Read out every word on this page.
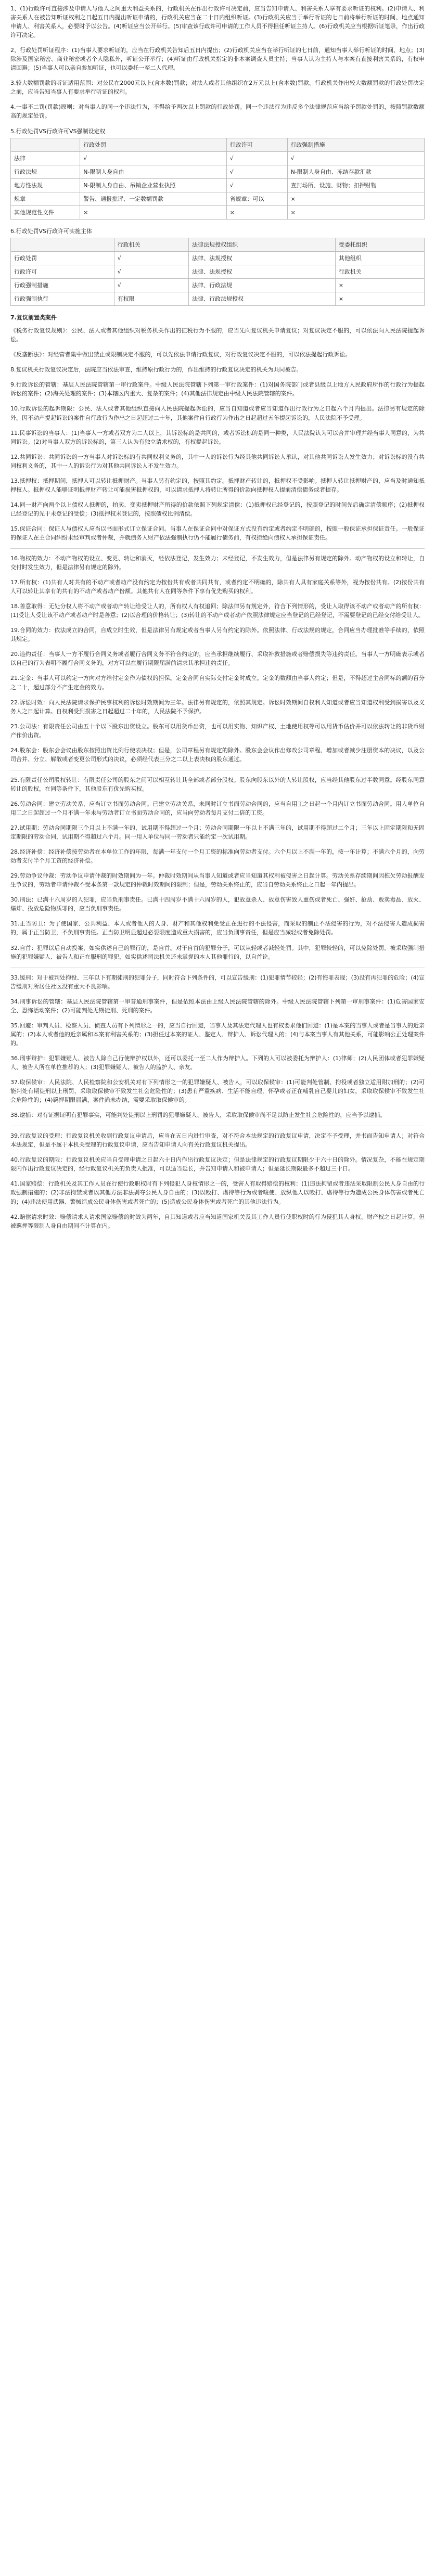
1、(1)行政许可直接涉及申请人与他人之间重大利益关系的，行政机关在作出行政许可决定前，应当告知申请人、利害关系人享有要求听证的权利。(2)申请人、利害关系人在被告知听证权利之日起五日内提出听证申请的，行政机关应当在二十日内组织听证。(3)行政机关应当于举行听证的七日前将举行听证的时间、地点通知申请人、利害关系人，必要时予以公告。(4)听证应当公开举行。(5)审查该行政许可申请的工作人员不得担任听证主持人。(6)行政机关应当根据听证笔录，作出行政许可决定。

2、行政处罚听证程序：(1)当事人要求听证的，应当在行政机关告知后五日内提出；(2)行政机关应当在举行听证的七日前，通知当事人举行听证的时间、地点；(3)除涉及国家秘密、商业秘密或者个人隐私外，听证公开举行；(4)听证由行政机关指定的非本案调查人员主持；当事人认为主持人与本案有直接利害关系的，有权申请回避；(5)当事人可以亲自参加听证，也可以委托一至二人代理。

3.较大数额罚款的听证适用范围：对公民在2000元以上(含本数)罚款；对法人或者其他组织在2万元以上(含本数)罚款。行政机关作出较大数额罚款的行政处罚决定之前，应当告知当事人有要求举行听证的权利。

4.一事不二罚(罚款)原则：对当事人的同一个违法行为，不得给予两次以上罚款的行政处罚。同一个违法行为违反多个法律规范应当给予罚款处罚的，按照罚款数额高的规定处罚。

5.行政处罚VS行政许可VS强制设定权
	行政处罚	行政许可	行政强制措施
法律	√	√	√
行政法规	N-限制人身自由	√	N-限制人身自由、冻结存款汇款
地方性法规	N-限制人身自由、吊销企业营业执照	√	查封场所、设施、财物；扣押财物
规章	警告、通报批评、一定数额罚款	省规章：可以	×
其他规范性文件	×	×	×
6.行政处罚VS行政许可实施主体
	行政机关	法律法规授权组织	受委托组织
行政处罚	√	法律、法规授权	其他组织
行政许可	√	法律、法规授权	行政机关
行政强制措施	√	法律、行政法规	×
行政强制执行	有权限	法律、行政法规授权	×
7.复议前置类案件

《税务行政复议规则》：公民、法人或者其他组织对税务机关作出的征税行为不服的，应当先向复议机关申请复议；对复议决定不服的，可以依法向人民法院提起诉讼。

《反垄断法》：对经营者集中做出禁止或限制决定不服的，可以先依法申请行政复议，对行政复议决定不服的，可以依法提起行政诉讼。

8.复议机关行政复议决定后，法院应当依法审查，维持原行政行为的，作出维持的行政复议决定的机关为共同被告。

9.行政诉讼的管辖：基层人民法院管辖第一审行政案件。中级人民法院管辖下列第一审行政案件：(1)对国务院部门或者县级以上地方人民政府所作的行政行为提起诉讼的案件；(2)海关处理的案件；(3)本辖区内重大、复杂的案件；(4)其他法律规定由中级人民法院管辖的案件。

10.行政诉讼的起诉期限：公民、法人或者其他组织直接向人民法院提起诉讼的，应当自知道或者应当知道作出行政行为之日起六个月内提出。法律另有规定的除外。因不动产提起诉讼的案件自行政行为作出之日起超过二十年，其他案件自行政行为作出之日起超过五年提起诉讼的，人民法院不予受理。

11.民事诉讼的当事人：(1)当事人一方或者双方为二人以上，其诉讼标的是共同的，或者诉讼标的是同一种类，人民法院认为可以合并审理并经当事人同意的，为共同诉讼。(2)对当事人双方的诉讼标的，第三人认为有独立请求权的，有权提起诉讼。

12.共同诉讼：共同诉讼的一方当事人对诉讼标的有共同权利义务的，其中一人的诉讼行为经其他共同诉讼人承认，对其他共同诉讼人发生效力；对诉讼标的没有共同权利义务的，其中一人的诉讼行为对其他共同诉讼人不发生效力。

13.抵押权：抵押期间，抵押人可以转让抵押财产。当事人另有约定的，按照其约定。抵押财产转让的，抵押权不受影响。抵押人转让抵押财产的，应当及时通知抵押权人。抵押权人能够证明抵押财产转让可能损害抵押权的，可以请求抵押人将转让所得的价款向抵押权人提前清偿债务或者提存。

14.同一财产向两个以上债权人抵押的，拍卖、变卖抵押财产所得的价款依照下列规定清偿：(1)抵押权已经登记的，按照登记的时间先后确定清偿顺序；(2)抵押权已经登记的先于未登记的受偿；(3)抵押权未登记的，按照债权比例清偿。

15.保证合同：保证人与债权人应当以书面形式订立保证合同。当事人在保证合同中对保证方式没有约定或者约定不明确的，按照一般保证承担保证责任。一般保证的保证人在主合同纠纷未经审判或者仲裁，并就债务人财产依法强制执行仍不能履行债务前，有权拒绝向债权人承担保证责任。

16.物权的效力：不动产物权的设立、变更、转让和消灭，经依法登记，发生效力；未经登记，不发生效力，但是法律另有规定的除外。动产物权的设立和转让，自交付时发生效力，但是法律另有规定的除外。

17.所有权：(1)共有人对共有的不动产或者动产没有约定为按份共有或者共同共有，或者约定不明确的，除共有人具有家庭关系等外，视为按份共有。(2)按份共有人可以转让其享有的共有的不动产或者动产份额。其他共有人在同等条件下享有优先购买的权利。

18.善意取得：无处分权人将不动产或者动产转让给受让人的，所有权人有权追回；除法律另有规定外，符合下列情形的，受让人取得该不动产或者动产的所有权：(1)受让人受让该不动产或者动产时是善意；(2)以合理的价格转让；(3)转让的不动产或者动产依照法律规定应当登记的已经登记，不需要登记的已经交付给受让人。

19.合同的效力：依法成立的合同，自成立时生效，但是法律另有规定或者当事人另有约定的除外。依照法律、行政法规的规定，合同应当办理批准等手续的，依照其规定。

20.违约责任：当事人一方不履行合同义务或者履行合同义务不符合约定的，应当承担继续履行、采取补救措施或者赔偿损失等违约责任。当事人一方明确表示或者以自己的行为表明不履行合同义务的，对方可以在履行期限届满前请求其承担违约责任。

21.定金：当事人可以约定一方向对方给付定金作为债权的担保。定金合同自实际交付定金时成立。定金的数额由当事人约定；但是，不得超过主合同标的额的百分之二十，超过部分不产生定金的效力。

22.诉讼时效：向人民法院请求保护民事权利的诉讼时效期间为三年。法律另有规定的，依照其规定。诉讼时效期间自权利人知道或者应当知道权利受到损害以及义务人之日起计算。自权利受到损害之日起超过二十年的，人民法院不予保护。

23.公司法：有限责任公司由五十个以下股东出资设立。股东可以用货币出资，也可以用实物、知识产权、土地使用权等可以用货币估价并可以依法转让的非货币财产作价出资。

24.股东会：股东会会议由股东按照出资比例行使表决权；但是，公司章程另有规定的除外。股东会会议作出修改公司章程、增加或者减少注册资本的决议，以及公司合并、分立、解散或者变更公司形式的决议，必须经代表三分之二以上表决权的股东通过。

25.有限责任公司股权转让：有限责任公司的股东之间可以相互转让其全部或者部分股权。股东向股东以外的人转让股权，应当经其他股东过半数同意。经股东同意转让的股权，在同等条件下，其他股东有优先购买权。

26.劳动合同：建立劳动关系，应当订立书面劳动合同。已建立劳动关系，未同时订立书面劳动合同的，应当自用工之日起一个月内订立书面劳动合同。用人单位自用工之日起超过一个月不满一年未与劳动者订立书面劳动合同的，应当向劳动者每月支付二倍的工资。

27.试用期：劳动合同期限三个月以上不满一年的，试用期不得超过一个月；劳动合同期限一年以上不满三年的，试用期不得超过二个月；三年以上固定期限和无固定期限的劳动合同，试用期不得超过六个月。同一用人单位与同一劳动者只能约定一次试用期。

28.经济补偿：经济补偿按劳动者在本单位工作的年限，每满一年支付一个月工资的标准向劳动者支付。六个月以上不满一年的，按一年计算；不满六个月的，向劳动者支付半个月工资的经济补偿。

29.劳动争议仲裁：劳动争议申请仲裁的时效期间为一年。仲裁时效期间从当事人知道或者应当知道其权利被侵害之日起计算。劳动关系存续期间因拖欠劳动报酬发生争议的，劳动者申请仲裁不受本条第一款规定的仲裁时效期间的限制；但是，劳动关系终止的，应当自劳动关系终止之日起一年内提出。

30.刑法：已满十六周岁的人犯罪，应当负刑事责任。已满十四周岁不满十六周岁的人，犯故意杀人、故意伤害致人重伤或者死亡、强奸、抢劫、贩卖毒品、放火、爆炸、投放危险物质罪的，应当负刑事责任。

31.正当防卫：为了使国家、公共利益、本人或者他人的人身、财产和其他权利免受正在进行的不法侵害，而采取的制止不法侵害的行为，对不法侵害人造成损害的，属于正当防卫，不负刑事责任。正当防卫明显超过必要限度造成重大损害的，应当负刑事责任，但是应当减轻或者免除处罚。

32.自首：犯罪以后自动投案，如实供述自己的罪行的，是自首。对于自首的犯罪分子，可以从轻或者减轻处罚。其中，犯罪较轻的，可以免除处罚。被采取强制措施的犯罪嫌疑人、被告人和正在服刑的罪犯，如实供述司法机关还未掌握的本人其他罪行的，以自首论。

33.缓刑：对于被判处拘役、三年以下有期徒刑的犯罪分子，同时符合下列条件的，可以宣告缓刑：(1)犯罪情节较轻；(2)有悔罪表现；(3)没有再犯罪的危险；(4)宣告缓刑对所居住社区没有重大不良影响。

34.刑事诉讼的管辖：基层人民法院管辖第一审普通刑事案件，但是依照本法由上级人民法院管辖的除外。中级人民法院管辖下列第一审刑事案件：(1)危害国家安全、恐怖活动案件；(2)可能判处无期徒刑、死刑的案件。

35.回避：审判人员、检察人员、侦查人员有下列情形之一的，应当自行回避，当事人及其法定代理人也有权要求他们回避：(1)是本案的当事人或者是当事人的近亲属的；(2)本人或者他的近亲属和本案有利害关系的；(3)担任过本案的证人、鉴定人、辩护人、诉讼代理人的；(4)与本案当事人有其他关系，可能影响公正处理案件的。

36.刑事辩护：犯罪嫌疑人、被告人除自己行使辩护权以外，还可以委托一至二人作为辩护人。下列的人可以被委托为辩护人：(1)律师；(2)人民团体或者犯罪嫌疑人、被告人所在单位推荐的人；(3)犯罪嫌疑人、被告人的监护人、亲友。

37.取保候审：人民法院、人民检察院和公安机关对有下列情形之一的犯罪嫌疑人、被告人，可以取保候审：(1)可能判处管制、拘役或者独立适用附加刑的；(2)可能判处有期徒刑以上刑罚，采取取保候审不致发生社会危险性的；(3)患有严重疾病、生活不能自理，怀孕或者正在哺乳自己婴儿的妇女，采取取保候审不致发生社会危险性的；(4)羁押期限届满，案件尚未办结，需要采取取保候审的。

38.逮捕：对有证据证明有犯罪事实，可能判处徒刑以上刑罚的犯罪嫌疑人、被告人，采取取保候审尚不足以防止发生社会危险性的，应当予以逮捕。

39.行政复议的受理：行政复议机关收到行政复议申请后，应当在五日内进行审查，对不符合本法规定的行政复议申请，决定不予受理，并书面告知申请人；对符合本法规定，但是不属于本机关受理的行政复议申请，应当告知申请人向有关行政复议机关提出。

40.行政复议的期限：行政复议机关应当自受理申请之日起六十日内作出行政复议决定；但是法律规定的行政复议期限少于六十日的除外。情况复杂，不能在规定期限内作出行政复议决定的，经行政复议机关的负责人批准，可以适当延长，并告知申请人和被申请人；但是延长期限最多不超过三十日。

41.国家赔偿：行政机关及其工作人员在行使行政职权时有下列侵犯人身权情形之一的，受害人有取得赔偿的权利：(1)违法拘留或者违法采取限制公民人身自由的行政强制措施的；(2)非法拘禁或者以其他方法非法剥夺公民人身自由的；(3)以殴打、虐待等行为或者唆使、放纵他人以殴打、虐待等行为造成公民身体伤害或者死亡的；(4)违法使用武器、警械造成公民身体伤害或者死亡的；(5)造成公民身体伤害或者死亡的其他违法行为。

42.赔偿请求时效：赔偿请求人请求国家赔偿的时效为两年，自其知道或者应当知道国家机关及其工作人员行使职权时的行为侵犯其人身权、财产权之日起计算，但被羁押等限制人身自由期间不计算在内。
